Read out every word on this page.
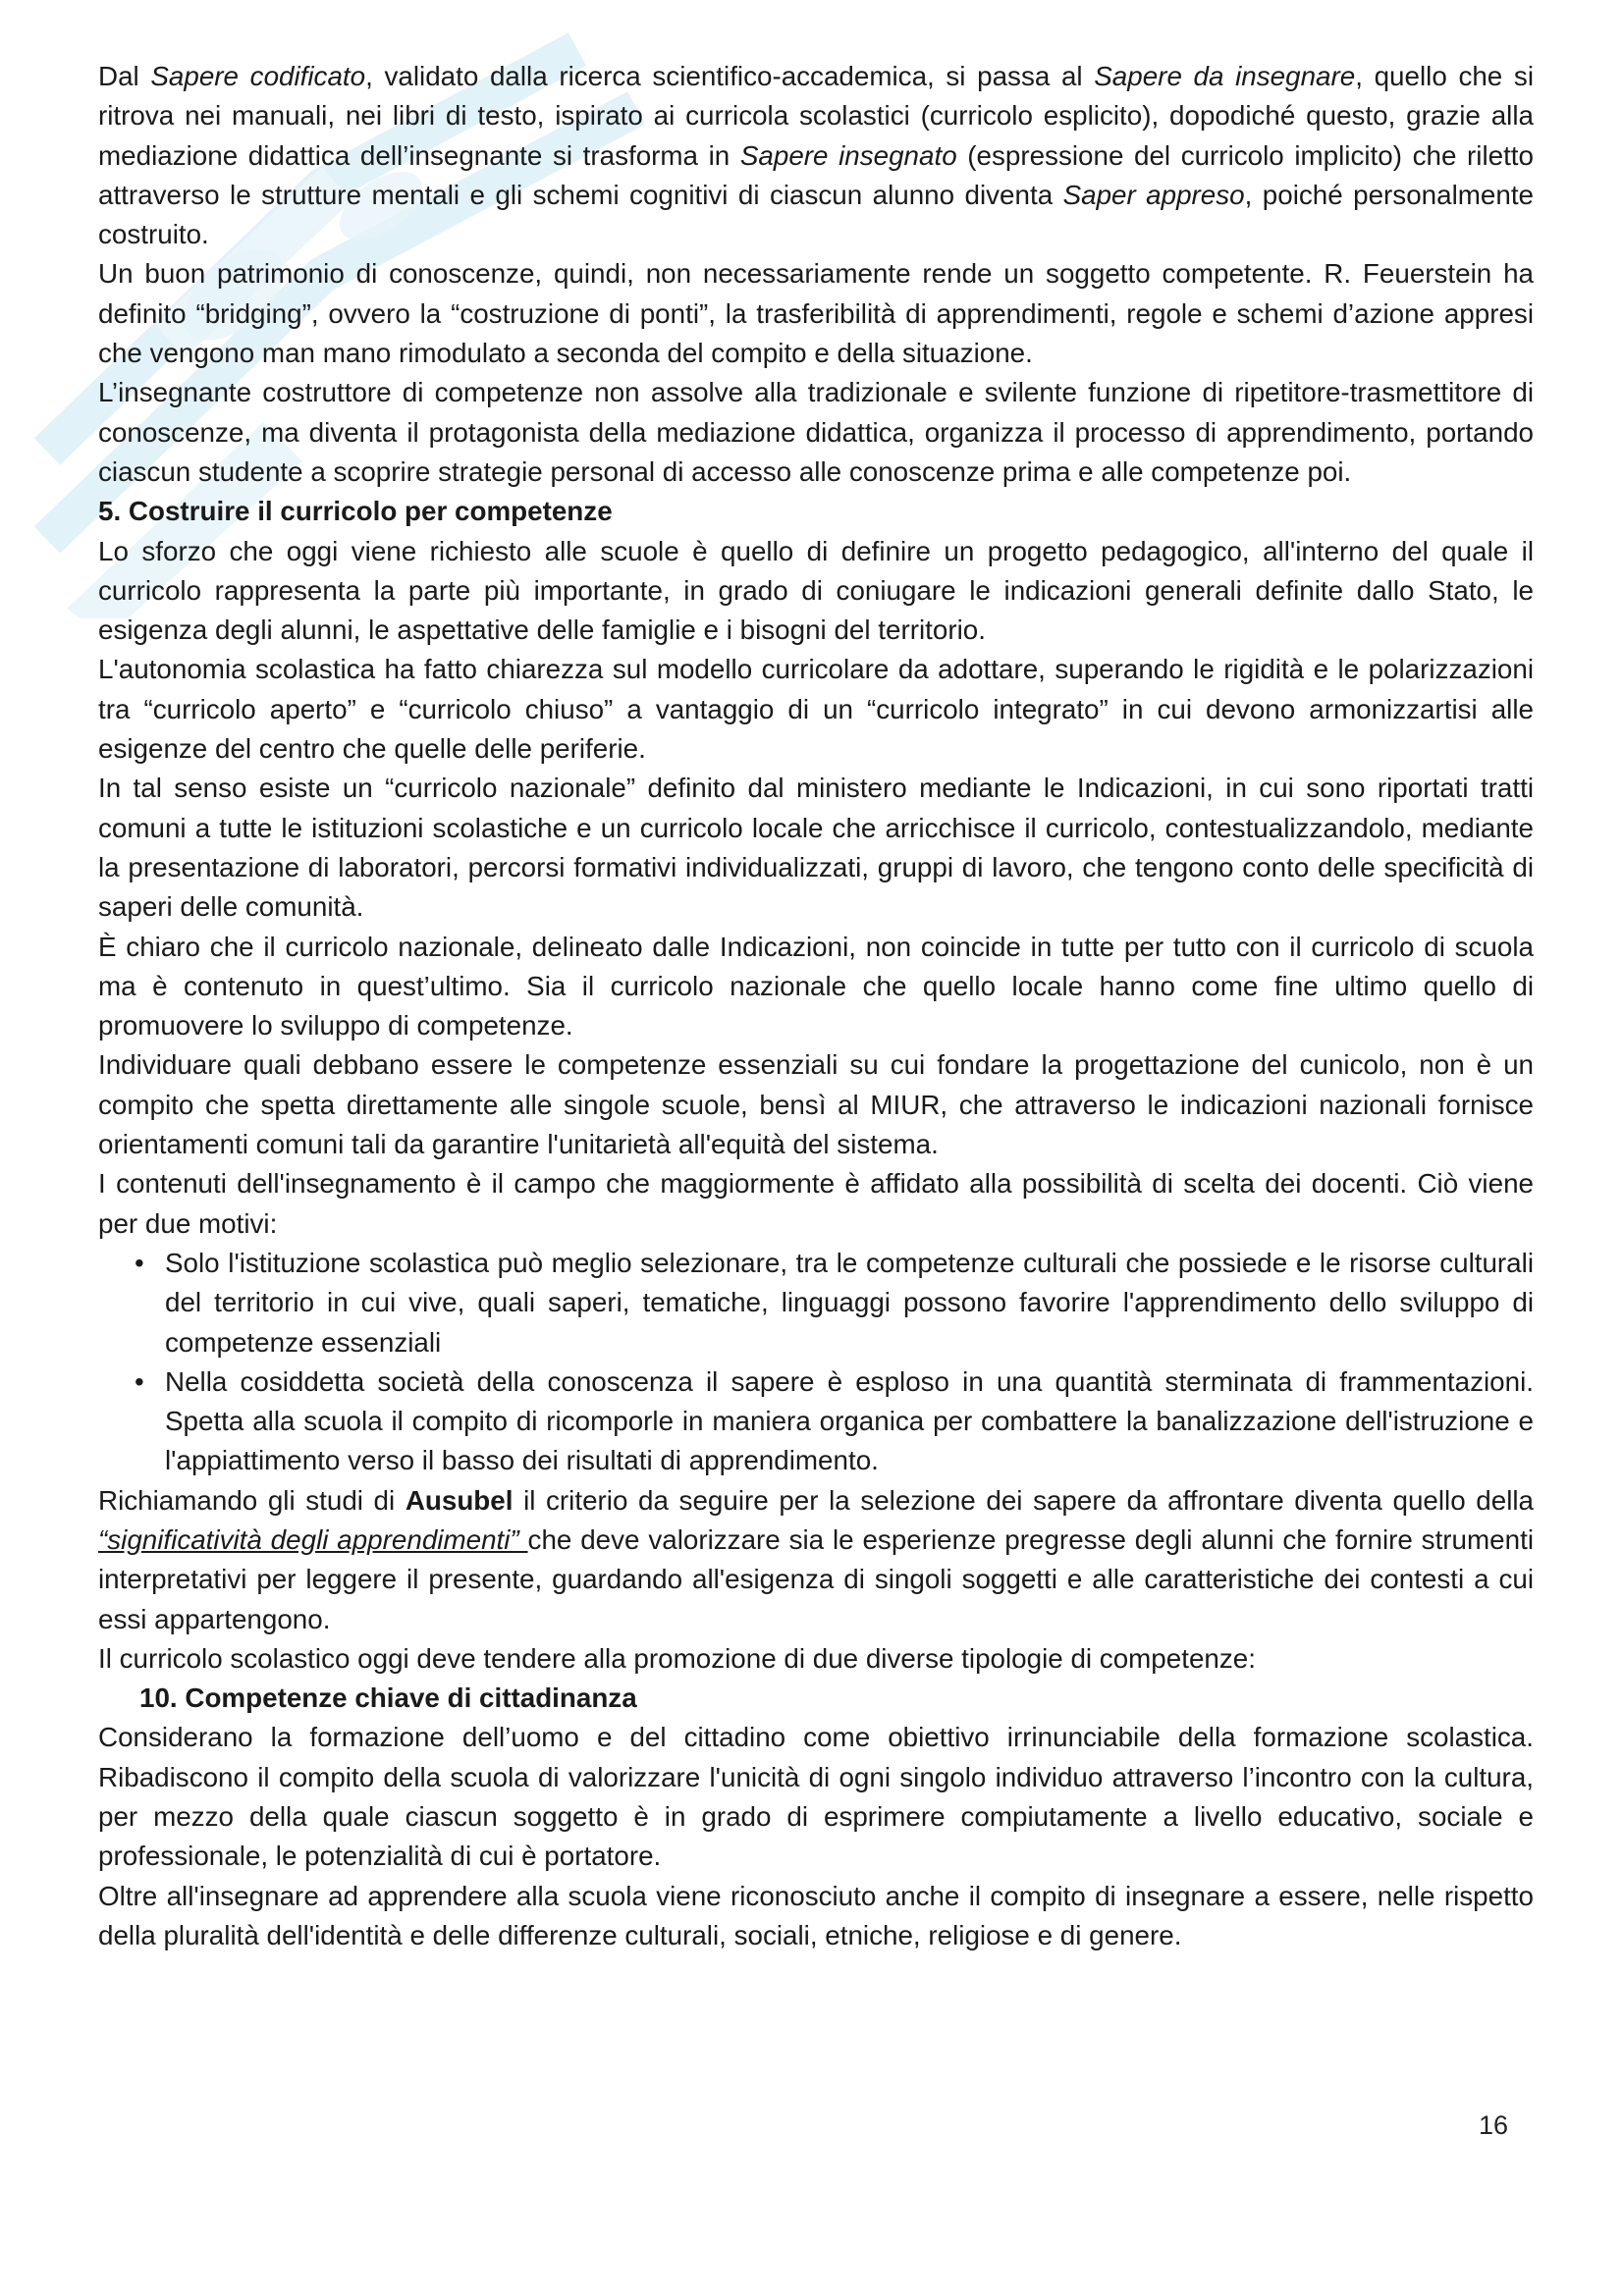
Dal Sapere codificato, validato dalla ricerca scientifico-accademica, si passa al Sapere da insegnare, quello che si ritrova nei manuali, nei libri di testo, ispirato ai curricola scolastici (curricolo esplicito), dopodiché questo, grazie alla mediazione didattica dell’insegnante si trasforma in Sapere insegnato (espressione del curricolo implicito) che riletto attraverso le strutture mentali e gli schemi cognitivi di ciascun alunno diventa Saper appreso, poiché personalmente costruito.

Un buon patrimonio di conoscenze, quindi, non necessariamente rende un soggetto competente. R. Feuerstein ha definito “bridging”, ovvero la “costruzione di ponti”, la trasferibilità di apprendimenti, regole e schemi d’azione appresi che vengono man mano rimodulato a seconda del compito e della situazione.

L’insegnante costruttore di competenze non assolve alla tradizionale e svilente funzione di ripetitore-trasmettitore di conoscenze, ma diventa il protagonista della mediazione didattica, organizza il processo di apprendimento, portando ciascun studente a scoprire strategie personal di accesso alle conoscenze prima e alle competenze poi.

5. Costruire il curricolo per competenze

Lo sforzo che oggi viene richiesto alle scuole è quello di definire un progetto pedagogico, all'interno del quale il curricolo rappresenta la parte più importante, in grado di coniugare le indicazioni generali definite dallo Stato, le esigenza degli alunni, le aspettative delle famiglie e i bisogni del territorio.

L'autonomia scolastica ha fatto chiarezza sul modello curricolare da adottare, superando le rigidità e le polarizzazioni tra “curricolo aperto” e “curricolo chiuso” a vantaggio di un “curricolo integrato” in cui devono armonizzartisi alle esigenze del centro che quelle delle periferie.

In tal senso esiste un “curricolo nazionale” definito dal ministero mediante le Indicazioni, in cui sono riportati tratti comuni a tutte le istituzioni scolastiche e un curricolo locale che arricchisce il curricolo, contestualizzandolo, mediante la presentazione di laboratori, percorsi formativi individualizzati, gruppi di lavoro, che tengono conto delle specificità di saperi delle comunità.

È chiaro che il curricolo nazionale, delineato dalle Indicazioni, non coincide in tutte per tutto con il curricolo di scuola ma è contenuto in quest’ultimo. Sia il curricolo nazionale che quello locale hanno come fine ultimo quello di promuovere lo sviluppo di competenze.

Individuare quali debbano essere le competenze essenziali su cui fondare la progettazione del cunicolo, non è un compito che spetta direttamente alle singole scuole, bensì al MIUR, che attraverso le indicazioni nazionali fornisce orientamenti comuni tali da garantire l'unitarietà all'equità del sistema.

I contenuti dell'insegnamento è il campo che maggiormente è affidato alla possibilità di scelta dei docenti. Ciò viene per due motivi:

• Solo l'istituzione scolastica può meglio selezionare, tra le competenze culturali che possiede e le risorse culturali del territorio in cui vive, quali saperi, tematiche, linguaggi possono favorire l'apprendimento dello sviluppo di competenze essenziali
• Nella cosiddetta società della conoscenza il sapere è esploso in una quantità sterminata di frammentazioni. Spetta alla scuola il compito di ricomporle in maniera organica per combattere la banalizzazione dell'istruzione e l'appiattimento verso il basso dei risultati di apprendimento.

Richiamando gli studi di Ausubel il criterio da seguire per la selezione dei sapere da affrontare diventa quello della “significatività degli apprendimenti” che deve valorizzare sia le esperienze pregresse degli alunni che fornire strumenti interpretativi per leggere il presente, guardando all'esigenza di singoli soggetti e alle caratteristiche dei contesti a cui essi appartengono.

Il curricolo scolastico oggi deve tendere alla promozione di due diverse tipologie di competenze:

10. Competenze chiave di cittadinanza

Considerano la formazione dell’uomo e del cittadino come obiettivo irrinunciabile della formazione scolastica. Ribadiscono il compito della scuola di valorizzare l'unicità di ogni singolo individuo attraverso l’incontro con la cultura, per mezzo della quale ciascun soggetto è in grado di esprimere compiutamente a livello educativo, sociale e professionale, le potenzialità di cui è portatore.

Oltre all'insegnare ad apprendere alla scuola viene riconosciuto anche il compito di insegnare a essere, nelle rispetto della pluralità dell'identità e delle differenze culturali, sociali, etniche, religiose e di genere.

16
